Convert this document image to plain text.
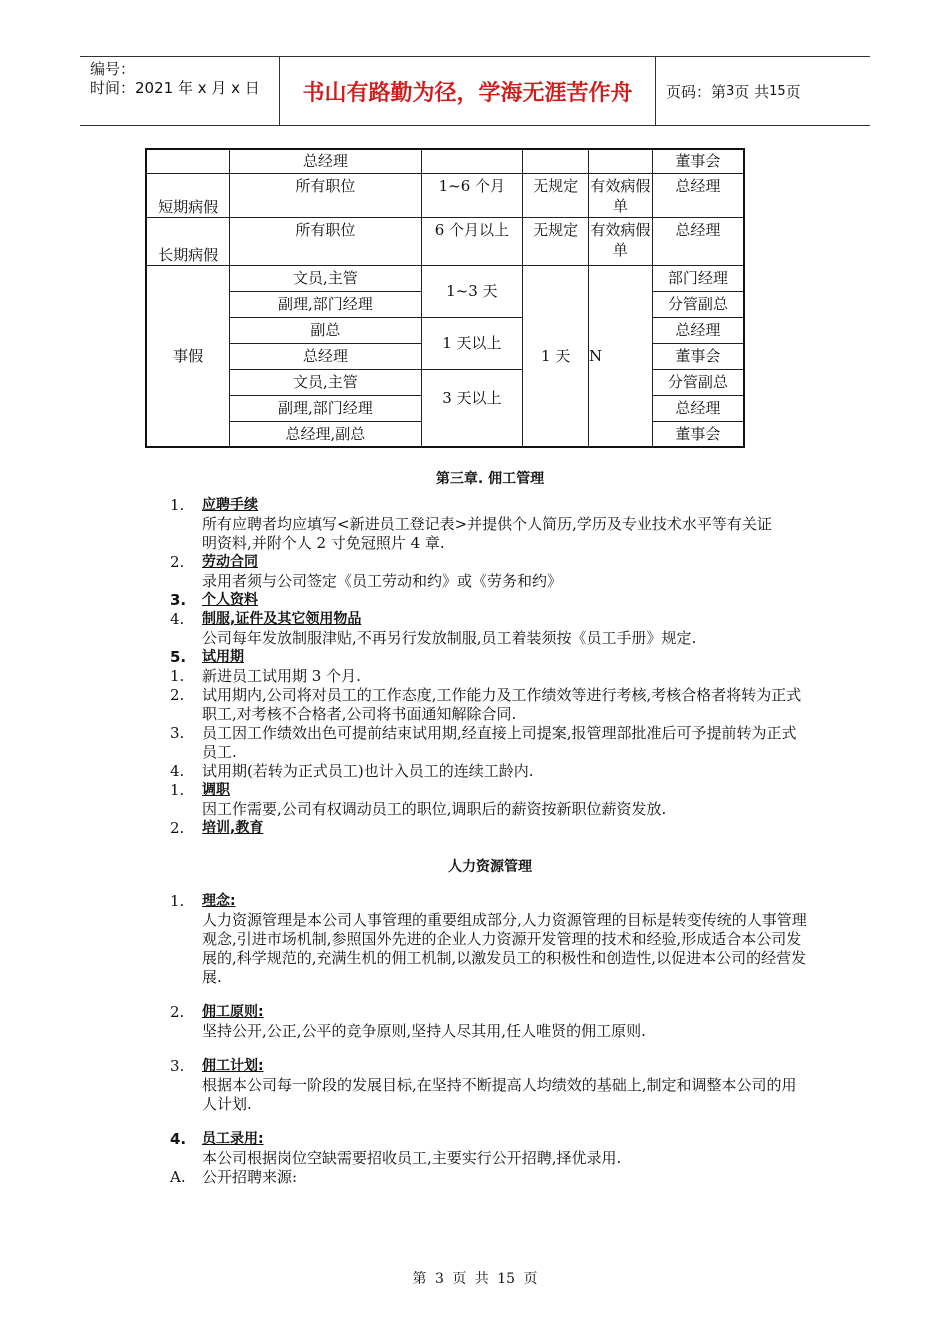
编号：
时间：2021 年 x 月 x 日	书山有路勤为径，学海无涯苦作舟	页码：第 3 页 共 15 页
	总经理				董事会
短期病假	所有职位	1~6 个月	无规定	有效病假单	总经理
长期病假	所有职位	6 个月以上	无规定	有效病假单	总经理
事假	文员,主管	1~3 天	1 天	N	部门经理
	副理,部门经理				分管副总
	副总	1 天以上			总经理
	总经理				董事会
	文员,主管	3 天以上			分管副总
	副理,部门经理				总经理
	总经理,副总				董事会
第三章. 佣工管理
1.	应聘手续
所有应聘者均应填写<新进员工登记表>并提供个人简历,学历及专业技术水平等有关证
明资料,并附个人 2 寸免冠照片 4 章.
2.	劳动合同
录用者须与公司签定《员工劳动和约》或《劳务和约》
3.	个人资料
4.	制服,证件及其它领用物品
公司每年发放制服津贴,不再另行发放制服,员工着装须按《员工手册》规定.
5.	试用期
1.	新进员工试用期 3 个月.
2.	试用期内,公司将对员工的工作态度,工作能力及工作绩效等进行考核,考核合格者将转为正式职工,对考核不合格者,公司将书面通知解除合同.
3.	员工因工作绩效出色可提前结束试用期,经直接上司提案,报管理部批准后可予提前转为正式员工.
4.	试用期(若转为正式员工)也计入员工的连续工龄内.
1.	调职
因工作需要,公司有权调动员工的职位,调职后的薪资按新职位薪资发放.
2.	培训,教育
人力资源管理
1.	理念:
人力资源管理是本公司人事管理的重要组成部分,人力资源管理的目标是转变传统的人事管理观念,引进市场机制,参照国外先进的企业人力资源开发管理的技术和经验,形成适合本公司发展的,科学规范的,充满生机的佣工机制,以激发员工的积极性和创造性,以促进本公司的经营发展.
2.	佣工原则:
坚持公开,公正,公平的竞争原则,坚持人尽其用,任人唯贤的佣工原则.
3.	佣工计划:
根据本公司每一阶段的发展目标,在坚持不断提高人均绩效的基础上,制定和调整本公司的用人计划.
4.	员工录用:
本公司根据岗位空缺需要招收员工,主要实行公开招聘,择优录用.
A.	公开招聘来源:
第 3 页 共 15 页
